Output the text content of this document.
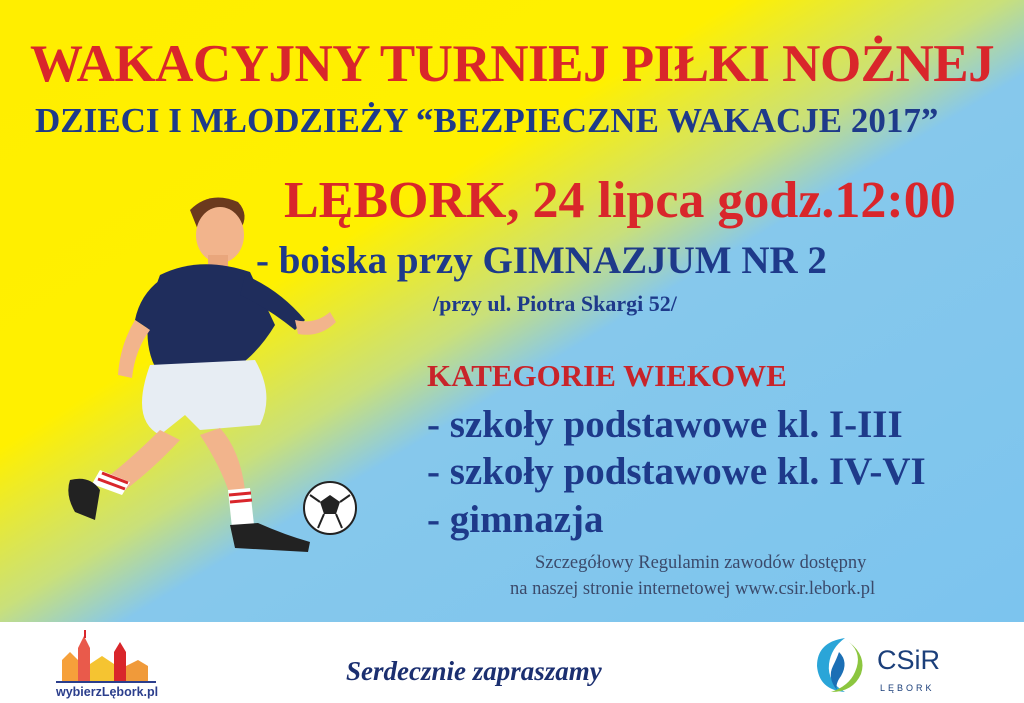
WAKACYJNY TURNIEJ PIŁKI NOŻNEJ

DZIECI I MŁODZIEŻY “BEZPIECZNE WAKACJE 2017”

LĘBORK, 24 lipca godz.12:00

- boiska przy GIMNAZJUM NR 2

/przy ul. Piotra Skargi 52/

KATEGORIE WIEKOWE

- szkoły podstawowe kl. I-III

- szkoły podstawowe kl. IV-VI

- gimnazja

Szczegółowy Regulamin zawodów dostępny

na naszej stronie internetowej www.csir.lebork.pl

wybierzLębork.pl

Serdecznie zapraszamy	CSiR

LĘBORK
